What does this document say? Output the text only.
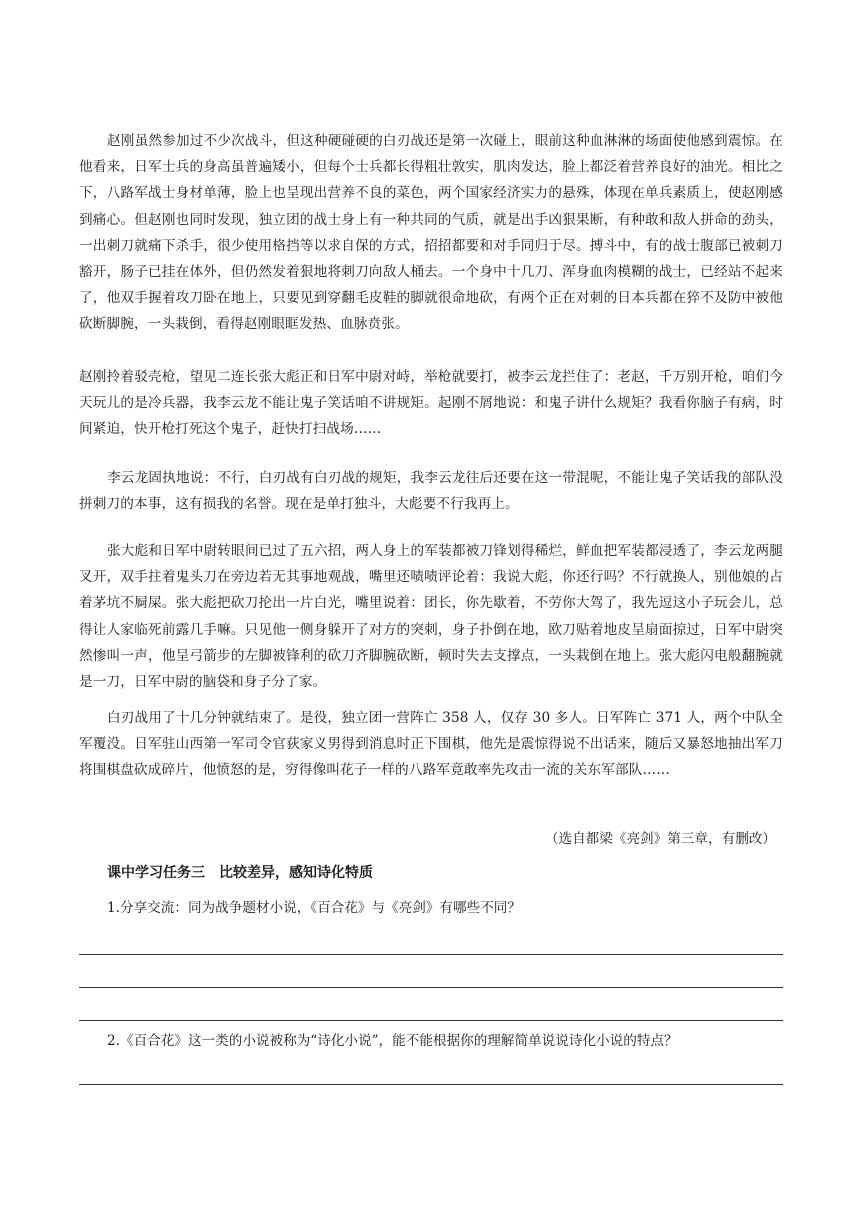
赵刚虽然参加过不少次战斗，但这种硬碰硬的白刃战还是第一次碰上，眼前这种血淋淋的场面使他感到震惊。在他看来，日军士兵的身高虽普遍矮小，但每个士兵都长得粗壮敦实，肌肉发达，脸上都泛着营养良好的油光。相比之下，八路军战士身材单薄，脸上也呈现出营养不良的菜色，两个国家经济实力的悬殊，体现在单兵素质上，使赵刚感到痛心。但赵刚也同时发现，独立团的战士身上有一种共同的气质，就是出手凶狠果断，有种敢和敌人拼命的劲头，一出刺刀就痛下杀手，很少使用格挡等以求自保的方式，招招都要和对手同归于尽。搏斗中，有的战士腹部已被刺刀豁开，肠子已挂在体外，但仍然发着狠地将刺刀向敌人桶去。一个身中十几刀、浑身血肉模糊的战士，已经站不起来了，他双手握着攻刀卧在地上，只要见到穿翻毛皮鞋的脚就很命地砍，有两个正在对刺的日本兵都在猝不及防中被他砍断脚腕，一头栽倒，看得赵刚眼眶发热、血脉贲张。

赵刚拎着驳壳枪，望见二连长张大彪正和日军中尉对峙，举枪就要打，被李云龙拦住了：老赵，千万别开枪，咱们今天玩儿的是冷兵器，我李云龙不能让鬼子笑话咱不讲规矩。起刚不屑地说：和鬼子讲什么规矩？我看你脑子有病，时间紧迫，快开枪打死这个鬼子，赶快打扫战场……

李云龙固执地说：不行，白刃战有白刃战的规矩，我李云龙往后还要在这一带混呢，不能让鬼子笑话我的部队没拼刺刀的本事，这有损我的名誉。现在是单打独斗，大彪要不行我再上。

张大彪和日军中尉转眼间已过了五六招，两人身上的军装都被刀锋划得稀烂，鲜血把军装都浸透了，李云龙两腿叉开，双手拄着鬼头刀在旁边若无其事地观战，嘴里还啧啧评论着：我说大彪，你还行吗？不行就换人，别他娘的占着茅坑不屙屎。张大彪把砍刀抡出一片白光，嘴里说着：团长，你先歇着，不劳你大驾了，我先逗这小子玩会儿，总得让人家临死前露几手嘛。只见他一侧身躲开了对方的突刺，身子扑倒在地，欧刀贴着地皮呈扇面掠过，日军中尉突然惨叫一声，他呈弓箭步的左脚被锋利的砍刀齐脚腕砍断，顿时失去支撑点，一头栽倒在地上。张大彪闪电般翻腕就是一刀，日军中尉的脑袋和身子分了家。

白刃战用了十几分钟就结束了。是役，独立团一营阵亡 358 人，仅存 30 多人。日军阵亡 371 人，两个中队全军覆没。日军驻山西第一军司令官荻家义男得到消息时正下围棋，他先是震惊得说不出话来，随后又暴怒地抽出军刀将围棋盘砍成碎片，他愤怒的是，穷得像叫花子一样的八路军竟敢率先攻击一流的关东军部队……

（选自都梁《亮剑》第三章，有删改）

课中学习任务三　比较差异，感知诗化特质

1.分享交流：同为战争题材小说，《百合花》与《亮剑》有哪些不同？

2.《百合花》这一类的小说被称为“诗化小说”，能不能根据你的理解简单说说诗化小说的特点？
